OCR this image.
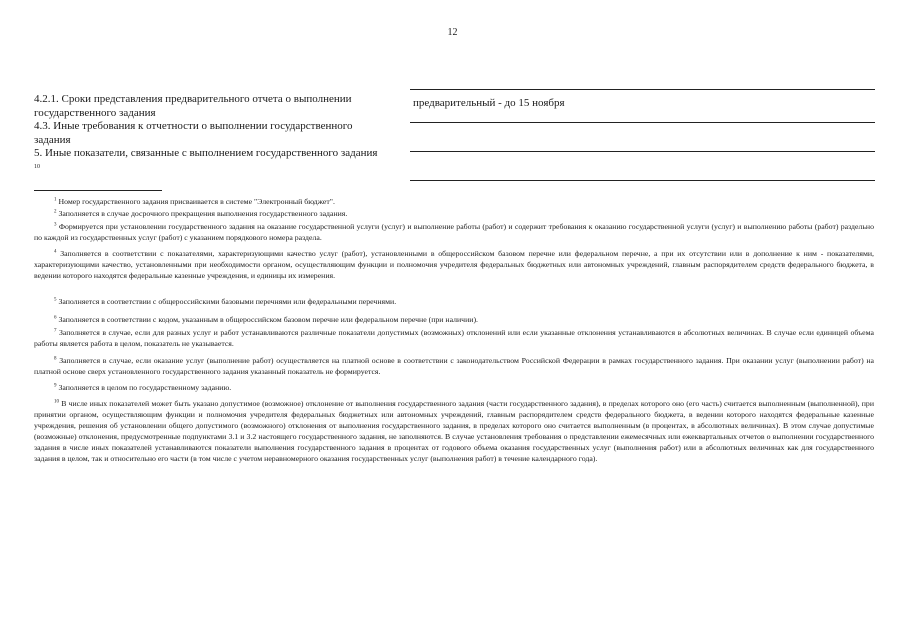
12
4.2.1. Сроки представления предварительного отчета о выполнении государственного задания
4.3. Иные требования к отчетности о выполнении государственного задания
5. Иные показатели, связанные с выполнением государственного задания $^{10}$
предварительный - до 15 ноября
$^1$ Номер государственного задания присваивается в системе "Электронный бюджет".
$^2$ Заполняется в случае досрочного прекращения выполнения государственного задания.
$^3$ Формируется при установлении государственного задания на оказание государственной услуги (услуг) и выполнение работы (работ) и содержит требования к оказанию государственной услуги (услуг) и выполнению работы (работ) раздельно по каждой из государственных услуг (работ) с указанием порядкового номера раздела.
$^4$ Заполняется в соответствии с показателями, характеризующими качество услуг (работ), установленными в общероссийском базовом перечне или федеральном перечне, а при их отсутствии или в дополнение к ним - показателями, характеризующими качество, установленными при необходимости органом, осуществляющим функции и полномочия учредителя федеральных бюджетных или автономных учреждений, главным распорядителем средств федерального бюджета, в ведении которого находятся федеральные казенные учреждения, и единицы их измерения.
$^5$ Заполняется в соответствии с общероссийскими базовыми перечнями или федеральными перечнями.
$^6$ Заполняется в соответствии с кодом, указанным в общероссийском базовом перечне или федеральном перечне (при наличии).
$^7$ Заполняется в случае, если для разных услуг и работ устанавливаются различные показатели допустимых (возможных) отклонений или если указанные отклонения устанавливаются в абсолютных величинах. В случае если единицей объема работы является работа в целом, показатель не указывается.
$^8$ Заполняется в случае, если оказание услуг (выполнение работ) осуществляется на платной основе в соответствии с законодательством Российской Федерации в рамках государственного задания. При оказании услуг (выполнении работ) на платной основе сверх установленного государственного задания указанный показатель не формируется.
$^9$ Заполняется в целом по государственному заданию.
$^{10}$ В числе иных показателей может быть указано допустимое (возможное) отклонение от выполнения государственного задания (части государственного задания), в пределах которого оно (его часть) считается выполненным (выполненной), при принятии органом, осуществляющим функции и полномочия учредителя федеральных бюджетных или автономных учреждений, главным распорядителем средств федерального бюджета, в ведении которого находятся федеральные казенные учреждения, решения об установлении общего допустимого (возможного) отклонения от выполнения государственного задания, в пределах которого оно считается выполненным (в процентах, в абсолютных величинах). В этом случае допустимые (возможные) отклонения, предусмотренные подпунктами 3.1 и 3.2 настоящего государственного задания, не заполняются. В случае установления требования о представлении ежемесячных или ежеквартальных отчетов о выполнении государственного задания в числе иных показателей устанавливаются показатели выполнения государственного задания в процентах от годового объема оказания государственных услуг (выполнения работ) или в абсолютных величинах как для государственного задания в целом, так и относительно его части (в том числе с учетом неравномерного оказания государственных услуг (выполнения работ) в течение календарного года).
